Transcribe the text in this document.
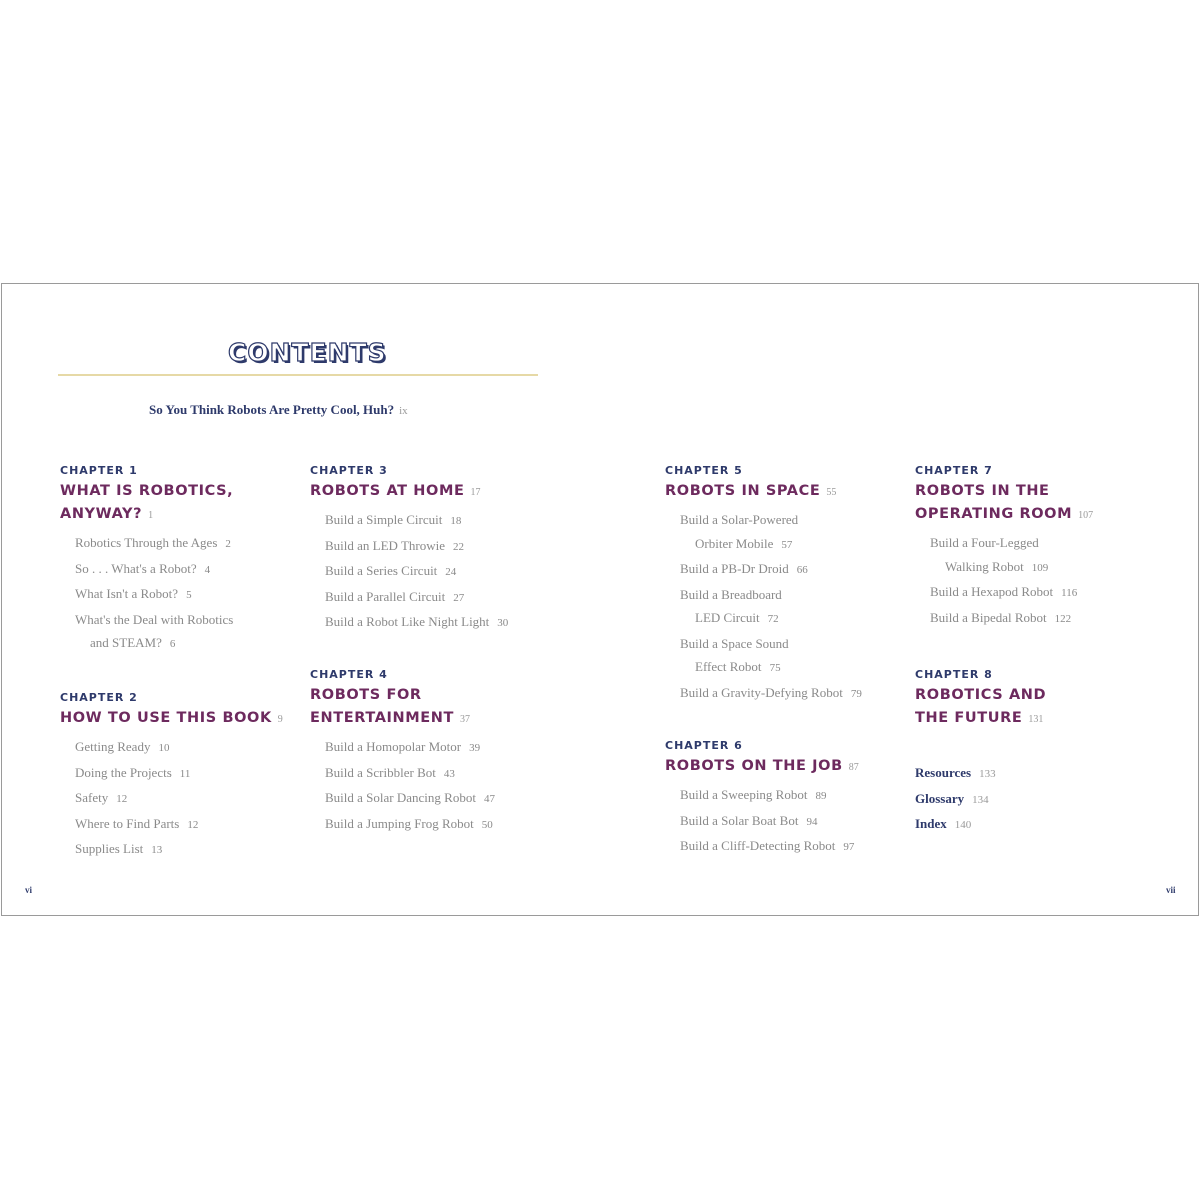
CONTENTS
So You Think Robots Are Pretty Cool, Huh? ix
CHAPTER 1
WHAT IS ROBOTICS,
ANYWAY? 1
Robotics Through the Ages 2
So . . . What's a Robot? 4
What Isn't a Robot? 5
What's the Deal with Robotics
and STEAM? 6
CHAPTER 2
HOW TO USE THIS BOOK 9
Getting Ready 10
Doing the Projects 11
Safety 12
Where to Find Parts 12
Supplies List 13
CHAPTER 3
ROBOTS AT HOME 17
Build a Simple Circuit 18
Build an LED Throwie 22
Build a Series Circuit 24
Build a Parallel Circuit 27
Build a Robot Like Night Light 30
CHAPTER 4
ROBOTS FOR
ENTERTAINMENT 37
Build a Homopolar Motor 39
Build a Scribbler Bot 43
Build a Solar Dancing Robot 47
Build a Jumping Frog Robot 50
CHAPTER 5
ROBOTS IN SPACE 55
Build a Solar-Powered
Orbiter Mobile 57
Build a PB-Dr Droid 66
Build a Breadboard
LED Circuit 72
Build a Space Sound
Effect Robot 75
Build a Gravity-Defying Robot 79
CHAPTER 6
ROBOTS ON THE JOB 87
Build a Sweeping Robot 89
Build a Solar Boat Bot 94
Build a Cliff-Detecting Robot 97
CHAPTER 7
ROBOTS IN THE
OPERATING ROOM 107
Build a Four-Legged
Walking Robot 109
Build a Hexapod Robot 116
Build a Bipedal Robot 122
CHAPTER 8
ROBOTICS AND
THE FUTURE 131
Resources 133
Glossary 134
Index 140
vi	vii
